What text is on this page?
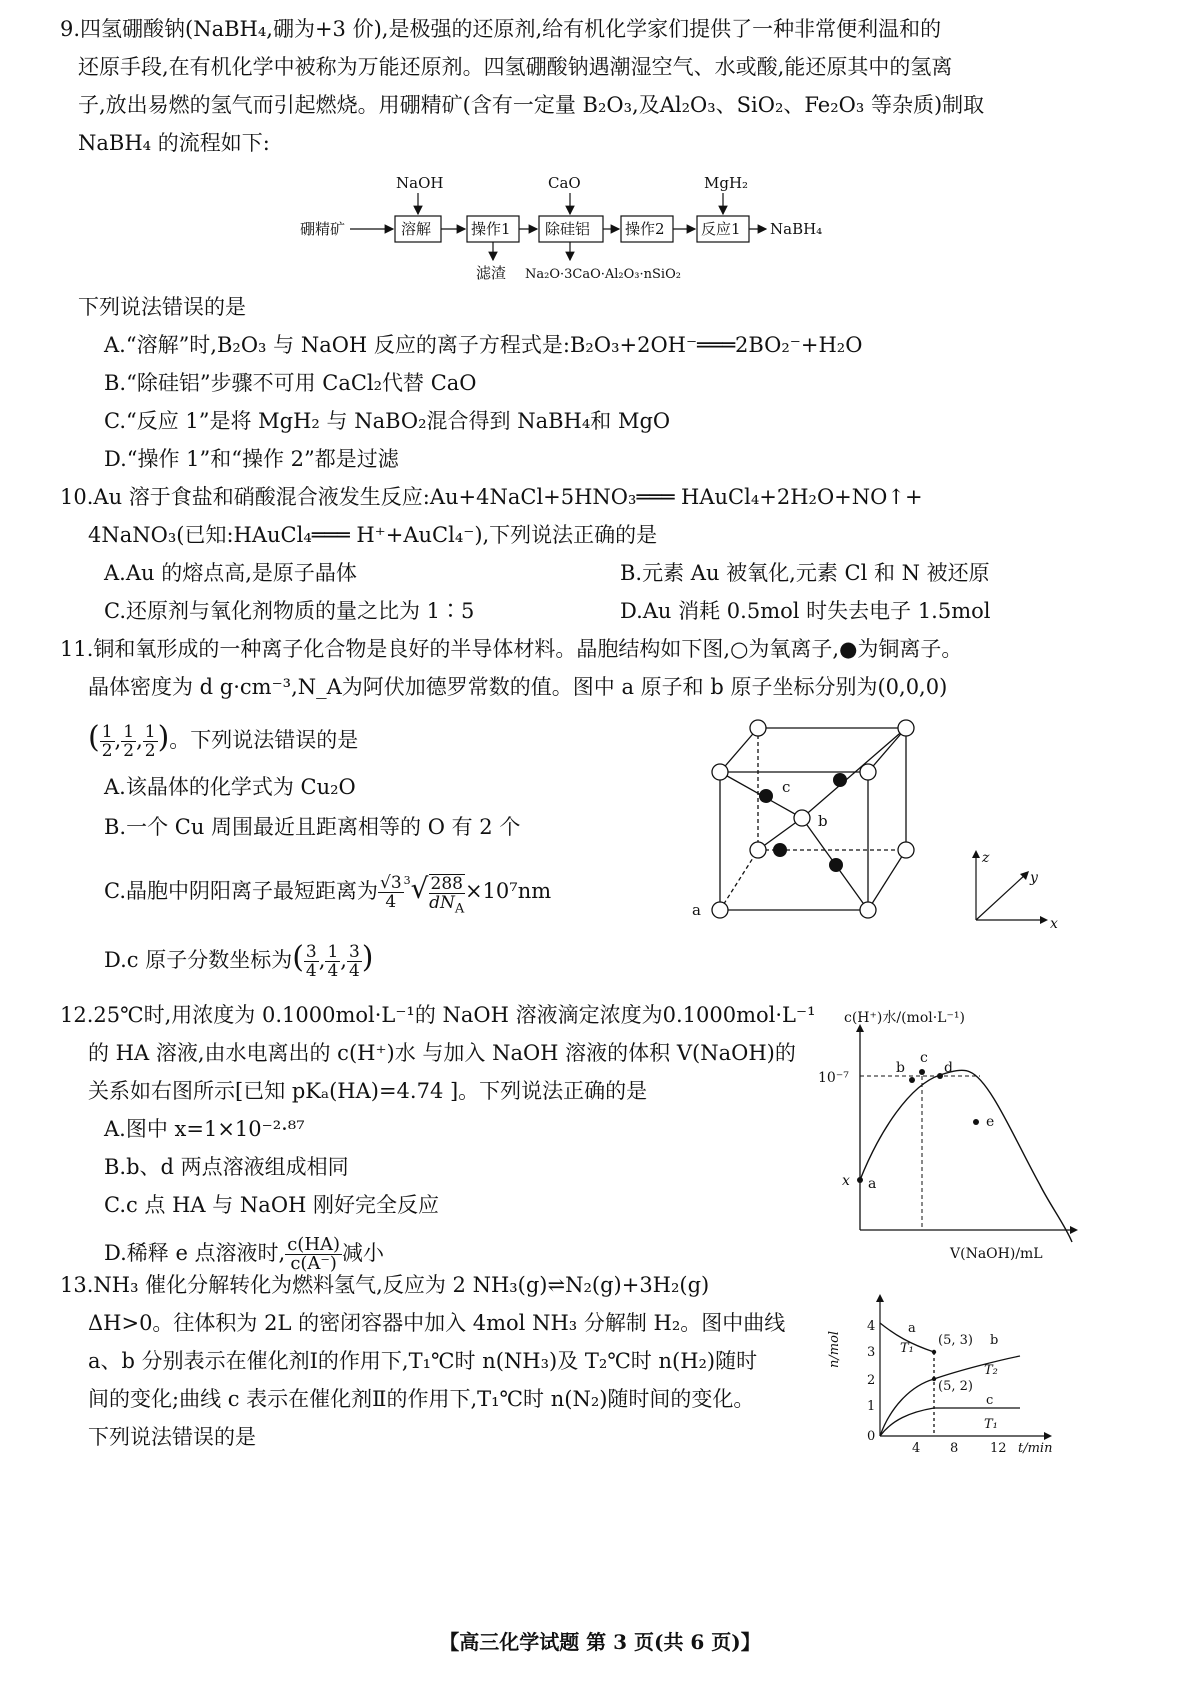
9.四氢硼酸钠(NaBH₄,硼为+3 价),是极强的还原剂,给有机化学家们提供了一种非常便利温和的
还原手段,在有机化学中被称为万能还原剂。四氢硼酸钠遇潮湿空气、水或酸,能还原其中的氢离
子,放出易燃的氢气而引起燃烧。用硼精矿(含有一定量 B₂O₃,及Al₂O₃、SiO₂、Fe₂O₃ 等杂质)制取
NaBH₄ 的流程如下:
硼精矿	溶解	操作1 除硅铝 操作2 反应1 NaBH₄
NaOH	CaO	MgH₂
滤渣 Na₂O·3CaO·Al₂O₃·nSiO₂
下列说法错误的是
A.“溶解”时,B₂O₃ 与 NaOH 反应的离子方程式是:B₂O₃+2OH⁻═══2BO₂⁻+H₂O
B.“除硅铝”步骤不可用 CaCl₂代替 CaO
C.“反应 1”是将 MgH₂ 与 NaBO₂混合得到 NaBH₄和 MgO
D.“操作 1”和“操作 2”都是过滤
10.Au 溶于食盐和硝酸混合液发生反应:Au+4NaCl+5HNO₃═══ HAuCl₄+2H₂O+NO↑+
4NaNO₃(已知:HAuCl₄═══ H⁺+AuCl₄⁻),下列说法正确的是
A.Au 的熔点高,是原子晶体	B.元素 Au 被氧化,元素 Cl 和 N 被还原
C.还原剂与氧化剂物质的量之比为 1∶5	D.Au 消耗 0.5mol 时失去电子 1.5mol
11.铜和氧形成的一种离子化合物是良好的半导体材料。晶胞结构如下图,○为氧离子,●为铜离子。
晶体密度为 d g·cm⁻³,N_A为阿伏加德罗常数的值。图中 a 原子和 b 原子坐标分别为(0,0,0)
( $\frac{1}{2}$ , $\frac{1}{2}$ , $\frac{1}{2}$ )。下列说法错误的是
A.该晶体的化学式为 Cu₂O
B.一个 Cu 周围最近且距离相等的 O 有 2 个
C.晶胞中阴阳离子最短距离为 $\frac{√3}{4} ^3√ \frac{288}{dN_A} \times 10^7nm$
D.c 原子分数坐标为( $\frac{3}{4}$ , $\frac{1}{4}$ , $\frac{3}{4}$ )
c
b
a
z
y
x
12.25℃时,用浓度为 0.1000mol·L⁻¹的 NaOH 溶液滴定浓度为0.1000mol·L⁻¹
的 HA 溶液,由水电离出的 c(H⁺)水 与加入 NaOH 溶液的体积 V(NaOH)的
关系如右图所示[已知 pKₐ(HA)=4.74 ]。下列说法正确的是
A.图中 x=1×10⁻²·⁸⁷
B.b、d 两点溶液组成相同
C.c 点 HA 与 NaOH 刚好完全反应
D.稀释 e 点溶液时, $\frac{c(HA)}{c(A^-)}$ 减小
c(H⁺)水/(mol·L⁻¹)
V(NaOH)/mL
10⁻⁷
x a
b
c
d
e
13.NH₃ 催化分解转化为燃料氢气,反应为 2 NH₃(g)⇌N₂(g)+3H₂(g)
ΔH>0。往体积为 2L 的密闭容器中加入 4mol NH₃ 分解制 H₂。图中曲线
a、b 分别表示在催化剂Ⅰ的作用下,T₁℃时 n(NH₃)及 T₂℃时 n(H₂)随时
间的变化;曲线 c 表示在催化剂Ⅱ的作用下,T₁℃时 n(N₂)随时间的变化。
下列说法错误的是	0
1
2
3
4
4 8 12 t/min
n/mol
a
T₁
(5, 3) b
T₂
(5, 2)
c
T₁
【高三化学试题 第 3 页(共 6 页)】
